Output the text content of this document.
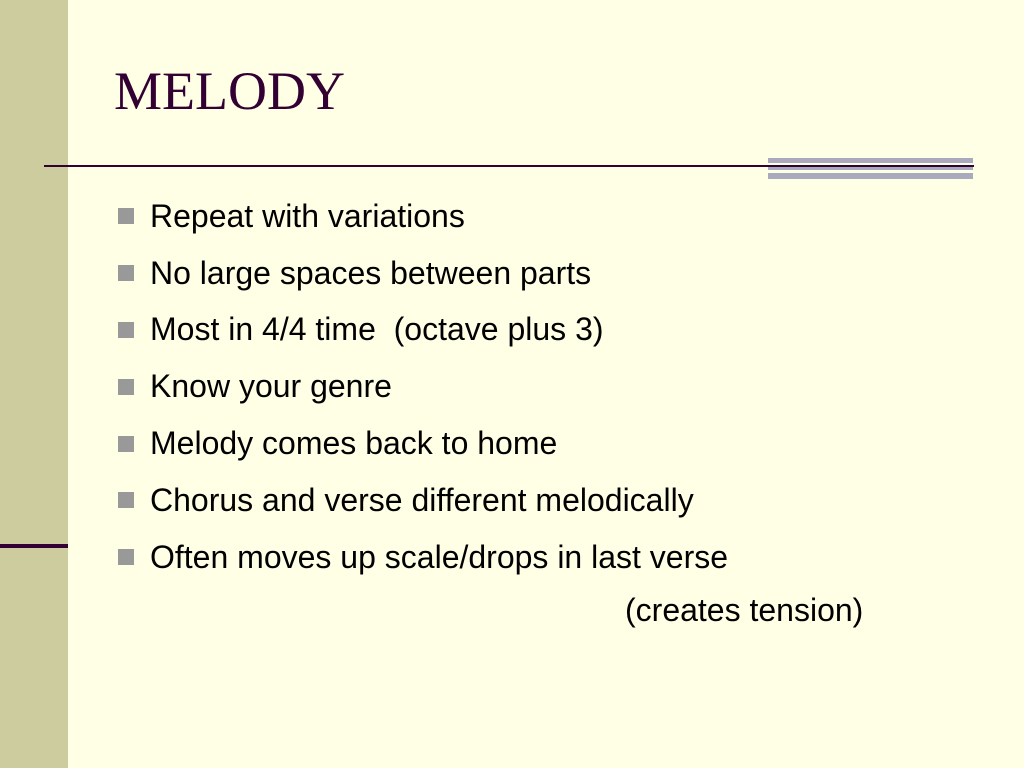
MELODY
Repeat with variations
No large spaces between parts
Most in 4/4 time  (octave plus 3)
Know your genre
Melody comes back to home
Chorus and verse different melodically
Often moves up scale/drops in last verse
(creates tension)
